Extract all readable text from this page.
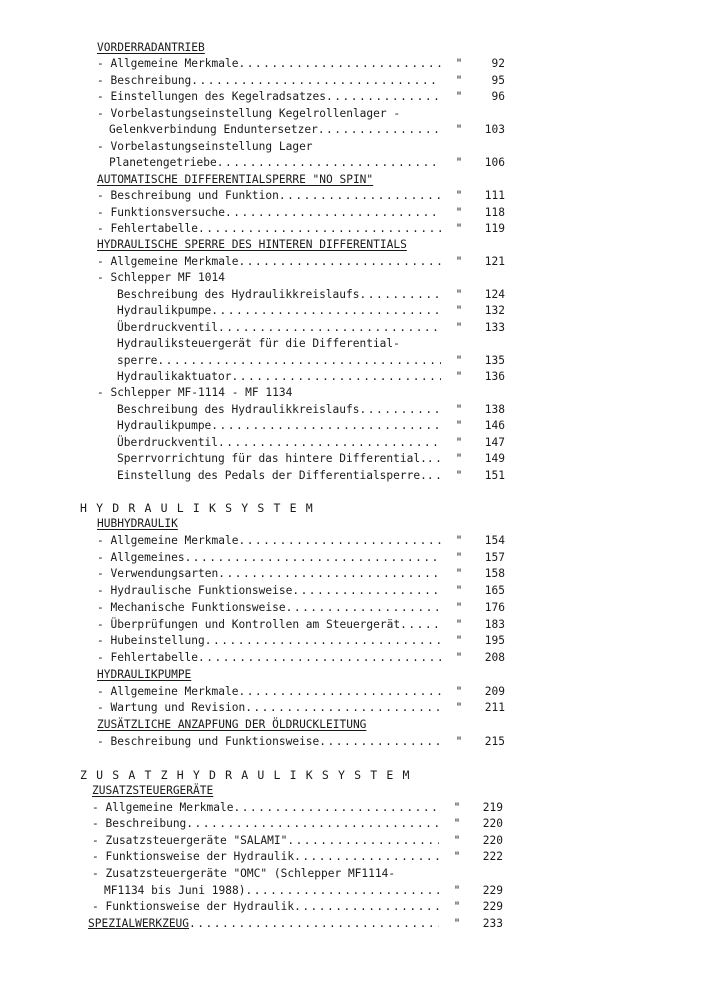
VORDERRADANTRIEB
- Allgemeine Merkmale .....	"	92
- Beschreibung .....	"	95
- Einstellungen des Kegelradsatzes .....	"	96
- Vorbelastungseinstellung Kegelrollenlager -
Gelenkverbindung Enduntersetzer .....	"	103
- Vorbelastungseinstellung Lager
Planetengetriebe .....	"	106
AUTOMATISCHE DIFFERENTIALSPERRE "NO SPIN"
- Beschreibung und Funktion .....	"	111
- Funktionsversuche .....	"	118
- Fehlertabelle .....	"	119
HYDRAULISCHE SPERRE DES HINTEREN DIFFERENTIALS
- Allgemeine Merkmale .....	"	121
- Schlepper MF 1014
Beschreibung des Hydraulikkreislaufs .....	"	124
Hydraulikpumpe .....	"	132
Überdruckventil .....	"	133
Hydrauliksteuergerät für die Differential-
sperre .....	"	135
Hydraulikaktuator .....	"	136
- Schlepper MF-1114 - MF 1134
Beschreibung des Hydraulikkreislaufs .....	"	138
Hydraulikpumpe .....	"	146
Überdruckventil .....	"	147
Sperrvorrichtung für das hintere Differential. .....	"	149
Einstellung des Pedals der Differentialsperre. .....	"	151
HYDRAULIKSYSTEM
HUBHYDRAULIK
- Allgemeine Merkmale .....	"	154
- Allgemeines .....	"	157
- Verwendungsarten .....	"	158
- Hydraulische Funktionsweise .....	"	165
- Mechanische Funktionsweise .....	"	176
- Überprüfungen und Kontrollen am Steuergerät .....	"	183
- Hubeinstellung .....	"	195
- Fehlertabelle .....	"	208
HYDRAULIKPUMPE
- Allgemeine Merkmale .....	"	209
- Wartung und Revision .....	"	211
ZUSÄTZLICHE ANZAPFUNG DER ÖLDRUCKLEITUNG
- Beschreibung und Funktionsweise .....	"	215
ZUSATZHYDRAULIKSYSTEM
ZUSATZSTEUERGERÄTE
- Allgemeine Merkmale .....	"	219
- Beschreibung .....	"	220
- Zusatzsteuergeräte "SALAMI" .....	"	220
- Funktionsweise der Hydraulik .....	"	222
- Zusatzsteuergeräte "OMC" (Schlepper MF1114-
MF1134 bis Juni 1988) .....	"	229
- Funktionsweise der Hydraulik .....	"	229
SPEZIALWERKZEUG .....	"	233
